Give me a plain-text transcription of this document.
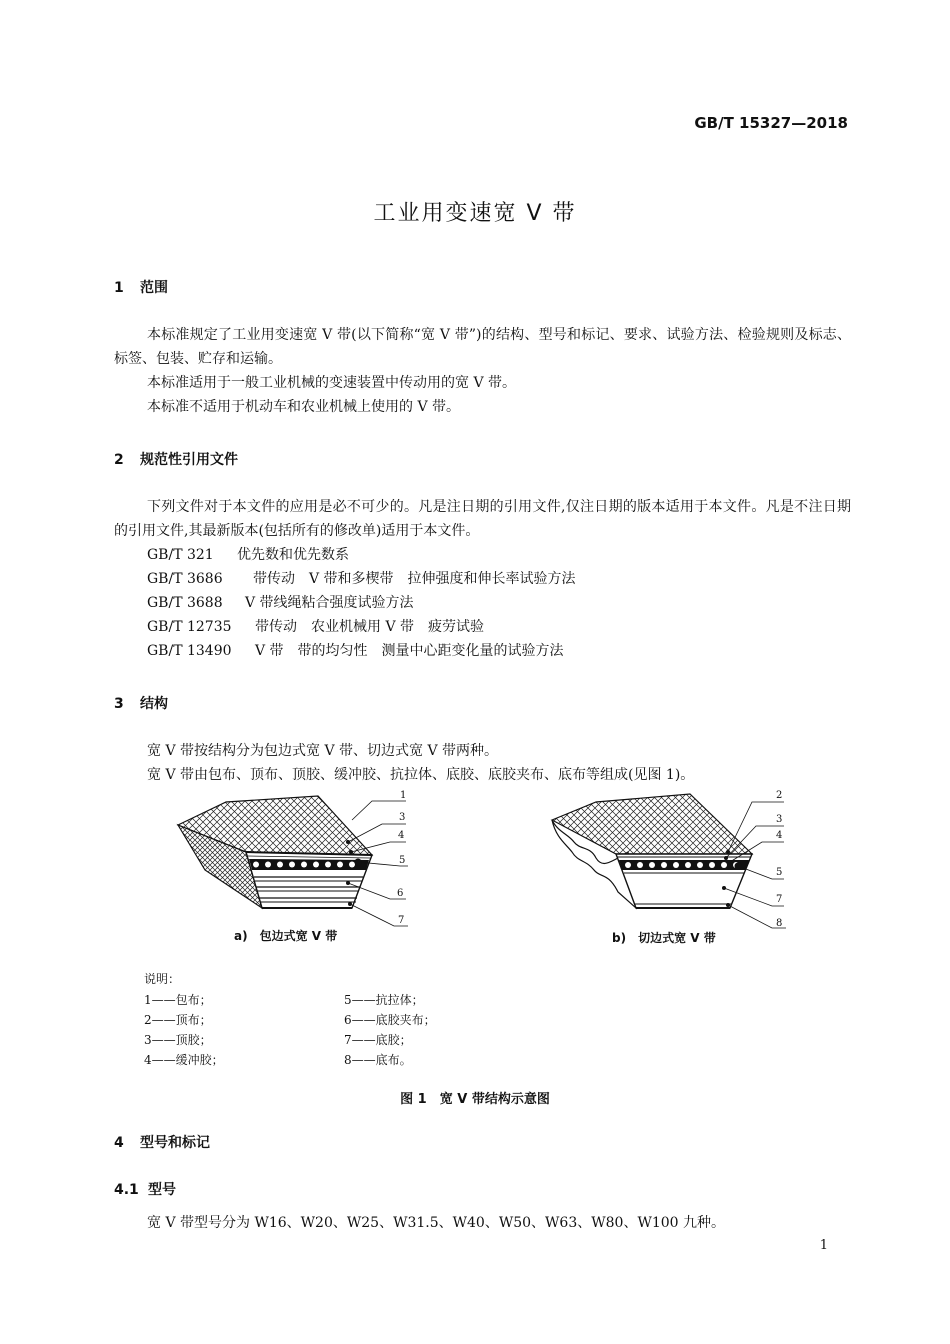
GB/T 15327—2018
工业用变速宽 V 带
1 范围
本标准规定了工业用变速宽 V 带(以下简称“宽 V 带”)的结构、型号和标记、要求、试验方法、检验规则及标志、标签、包装、贮存和运输。
本标准适用于一般工业机械的变速装置中传动用的宽 V 带。
本标准不适用于机动车和农业机械上使用的 V 带。
2 规范性引用文件
下列文件对于本文件的应用是必不可少的。凡是注日期的引用文件,仅注日期的版本适用于本文件。凡是不注日期的引用文件,其最新版本(包括所有的修改单)适用于本文件。
GB/T 321 优先数和优先数系
GB/T 3686 带传动　V 带和多楔带　拉伸强度和伸长率试验方法
GB/T 3688 V 带线绳粘合强度试验方法
GB/T 12735 带传动　农业机械用 V 带　疲劳试验
GB/T 13490 V 带　带的均匀性　测量中心距变化量的试验方法
3 结构
宽 V 带按结构分为包边式宽 V 带、切边式宽 V 带两种。
宽 V 带由包布、顶布、顶胶、缓冲胶、抗拉体、底胶、底胶夹布、底布等组成(见图 1)。
1
3
4
5
6
7
2
3
4
5
7
8
a)　包边式宽 V 带	b)　切边式宽 V 带
说明：
1——包布；
2——顶布；
3——顶胶；
4——缓冲胶；
5——抗拉体；
6——底胶夹布；
7——底胶；
8——底布。
图 1　宽 V 带结构示意图
4 型号和标记
4.1 型号
宽 V 带型号分为 W16、W20、W25、W31.5、W40、W50、W63、W80、W100 九种。
1
